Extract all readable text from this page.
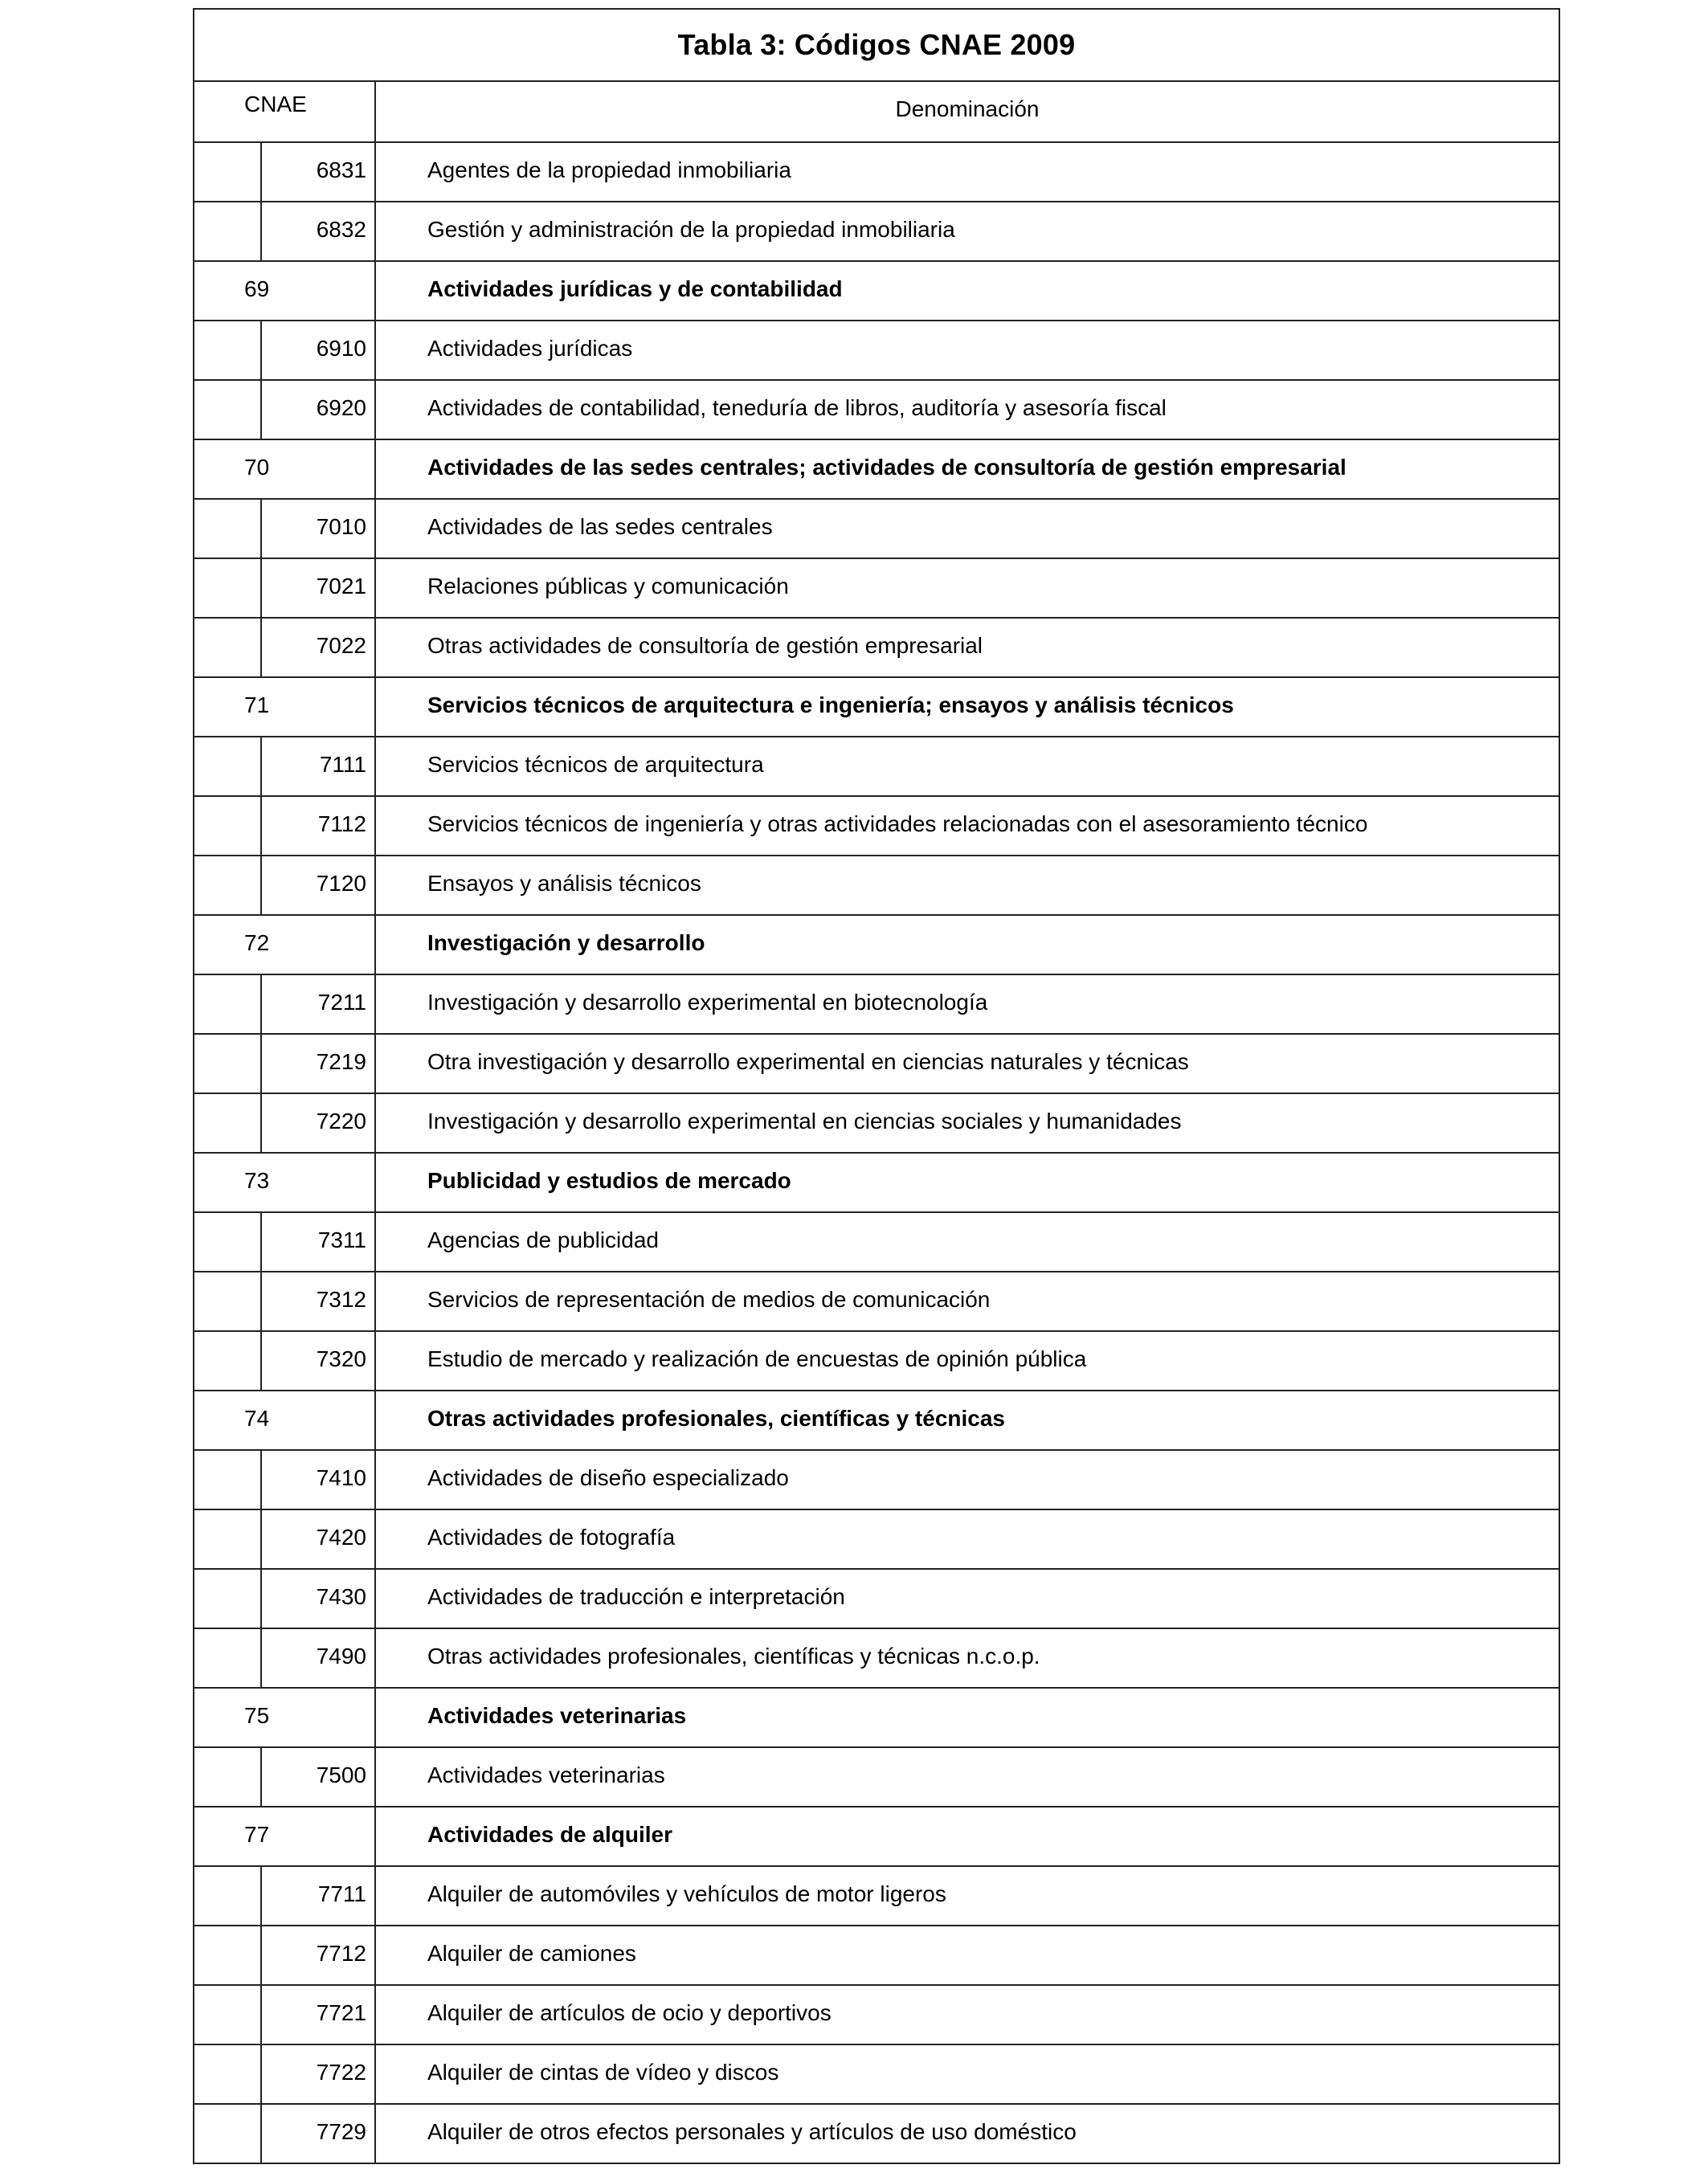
Tabla 3: Códigos CNAE 2009
CNAE	Denominación
6831	Agentes de la propiedad inmobiliaria
6832	Gestión y administración de la propiedad inmobiliaria
69	Actividades jurídicas y de contabilidad
6910	Actividades jurídicas
6920	Actividades de contabilidad, teneduría de libros, auditoría y asesoría fiscal
70	Actividades de las sedes centrales; actividades de consultoría de gestión empresarial
7010	Actividades de las sedes centrales
7021	Relaciones públicas y comunicación
7022	Otras actividades de consultoría de gestión empresarial
71	Servicios técnicos de arquitectura e ingeniería; ensayos y análisis técnicos
7111	Servicios técnicos de arquitectura
7112	Servicios técnicos de ingeniería y otras actividades relacionadas con el asesoramiento técnico
7120	Ensayos y análisis técnicos
72	Investigación y desarrollo
7211	Investigación y desarrollo experimental en biotecnología
7219	Otra investigación y desarrollo experimental en ciencias naturales y técnicas
7220	Investigación y desarrollo experimental en ciencias sociales y humanidades
73	Publicidad y estudios de mercado
7311	Agencias de publicidad
7312	Servicios de representación de medios de comunicación
7320	Estudio de mercado y realización de encuestas de opinión pública
74	Otras actividades profesionales, científicas y técnicas
7410	Actividades de diseño especializado
7420	Actividades de fotografía
7430	Actividades de traducción e interpretación
7490	Otras actividades profesionales, científicas y técnicas n.c.o.p.
75	Actividades veterinarias
7500	Actividades veterinarias
77	Actividades de alquiler
7711	Alquiler de automóviles y vehículos de motor ligeros
7712	Alquiler de camiones
7721	Alquiler de artículos de ocio y deportivos
7722	Alquiler de cintas de vídeo y discos
7729	Alquiler de otros efectos personales y artículos de uso doméstico
